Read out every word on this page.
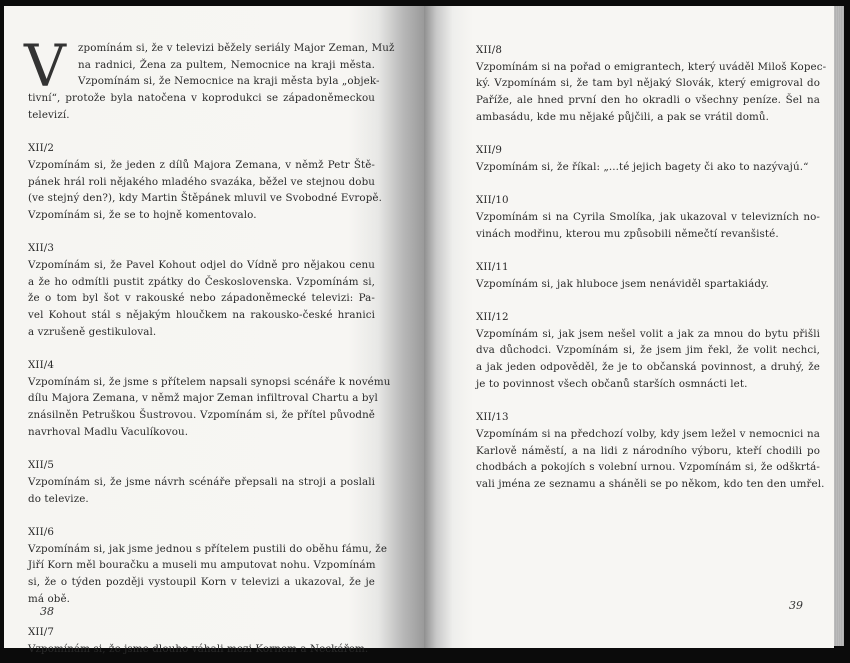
V	zpomínám si, že v televizi běžely seriály Major Zeman, Muž
na radnici, Žena za pultem, Nemocnice na kraji města.
Vzpomínám si, že Nemocnice na kraji města byla „objek-
tivní“, protože byla natočena v koprodukci se západoněmeckou
televizí.
XII/2
Vzpomínám si, že jeden z dílů Majora Zemana, v němž Petr Ště-
pánek hrál roli nějakého mladého svazáka, běžel ve stejnou dobu
(ve stejný den?), kdy Martin Štěpánek mluvil ve Svobodné Evropě.
Vzpomínám si, že se to hojně komentovalo.
XII/3
Vzpomínám si, že Pavel Kohout odjel do Vídně pro nějakou cenu
a že ho odmítli pustit zpátky do Československa. Vzpomínám si,
že o tom byl šot v rakouské nebo západoněmecké televizi: Pa-
vel Kohout stál s nějakým hloučkem na rakousko-české hranici
a vzrušeně gestikuloval.
XII/4
Vzpomínám si, že jsme s přítelem napsali synopsi scénáře k novému
dílu Majora Zemana, v němž major Zeman infiltroval Chartu a byl
znásilněn Petruškou Šustrovou. Vzpomínám si, že přítel původně
navrhoval Madlu Vaculíkovou.
XII/5
Vzpomínám si, že jsme návrh scénáře přepsali na stroji a poslali
do televize.
XII/6
Vzpomínám si, jak jsme jednou s přítelem pustili do oběhu fámu, že
Jiří Korn měl bouračku a museli mu amputovat nohu. Vzpomínám
si, že o týden později vystoupil Korn v televizi a ukazoval, že je
má obě.
XII/7
Vzpomínám si, že jsme dlouho váhali mezi Kornem a Neckářem.
XII/8
Vzpomínám si na pořad o emigrantech, který uváděl Miloš Kopec-
ký. Vzpomínám si, že tam byl nějaký Slovák, který emigroval do
Paříže, ale hned první den ho okradli o všechny peníze. Šel na
ambasádu, kde mu nějaké půjčili, a pak se vrátil domů.
XII/9
Vzpomínám si, že říkal: „...té jejich bagety či ako to nazývajú.“
XII/10
Vzpomínám si na Cyrila Smolíka, jak ukazoval v televizních no-
vinách modřinu, kterou mu způsobili němečtí revanšisté.
XII/11
Vzpomínám si, jak hluboce jsem nenáviděl spartakiády.
XII/12
Vzpomínám si, jak jsem nešel volit a jak za mnou do bytu přišli
dva důchodci. Vzpomínám si, že jsem jim řekl, že volit nechci,
a jak jeden odpověděl, že je to občanská povinnost, a druhý, že
je to povinnost všech občanů starších osmnácti let.
XII/13
Vzpomínám si na předchozí volby, kdy jsem ležel v nemocnici na
Karlově náměstí, a na lidi z národního výboru, kteří chodili po
chodbách a pokojích s volební urnou. Vzpomínám si, že odškrtá-
vali jména ze seznamu a sháněli se po někom, kdo ten den umřel.
38	39
